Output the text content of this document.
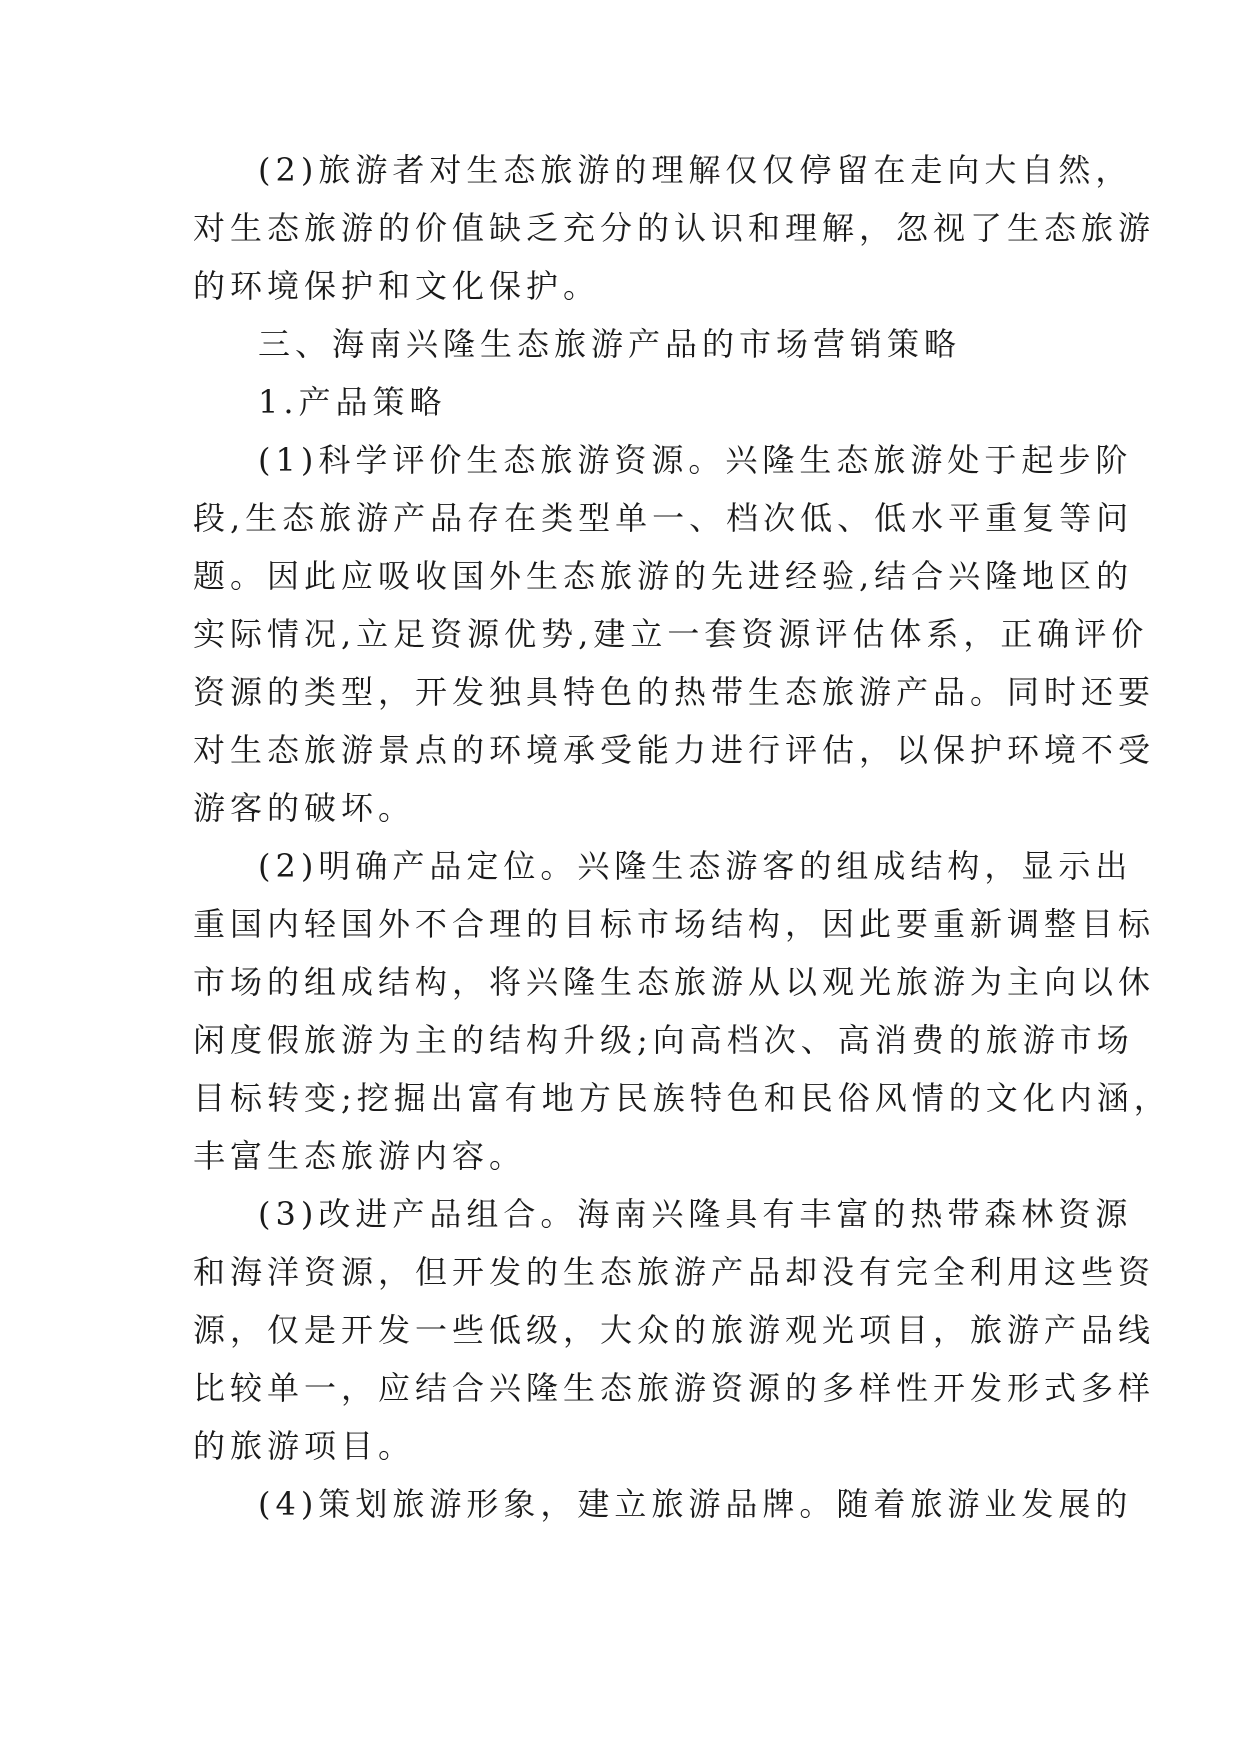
(2)旅游者对生态旅游的理解仅仅停留在走向大自然，
对生态旅游的价值缺乏充分的认识和理解，忽视了生态旅游
的环境保护和文化保护。
三、海南兴隆生态旅游产品的市场营销策略
1.产品策略
(1)科学评价生态旅游资源。兴隆生态旅游处于起步阶
段,生态旅游产品存在类型单一、档次低、低水平重复等问
题。因此应吸收国外生态旅游的先进经验,结合兴隆地区的
实际情况,立足资源优势,建立一套资源评估体系，正确评价
资源的类型，开发独具特色的热带生态旅游产品。同时还要
对生态旅游景点的环境承受能力进行评估，以保护环境不受
游客的破坏。
(2)明确产品定位。兴隆生态游客的组成结构，显示出
重国内轻国外不合理的目标市场结构，因此要重新调整目标
市场的组成结构，将兴隆生态旅游从以观光旅游为主向以休
闲度假旅游为主的结构升级;向高档次、高消费的旅游市场
目标转变;挖掘出富有地方民族特色和民俗风情的文化内涵，
丰富生态旅游内容。
(3)改进产品组合。海南兴隆具有丰富的热带森林资源
和海洋资源，但开发的生态旅游产品却没有完全利用这些资
源，仅是开发一些低级，大众的旅游观光项目，旅游产品线
比较单一，应结合兴隆生态旅游资源的多样性开发形式多样
的旅游项目。
(4)策划旅游形象，建立旅游品牌。随着旅游业发展的
